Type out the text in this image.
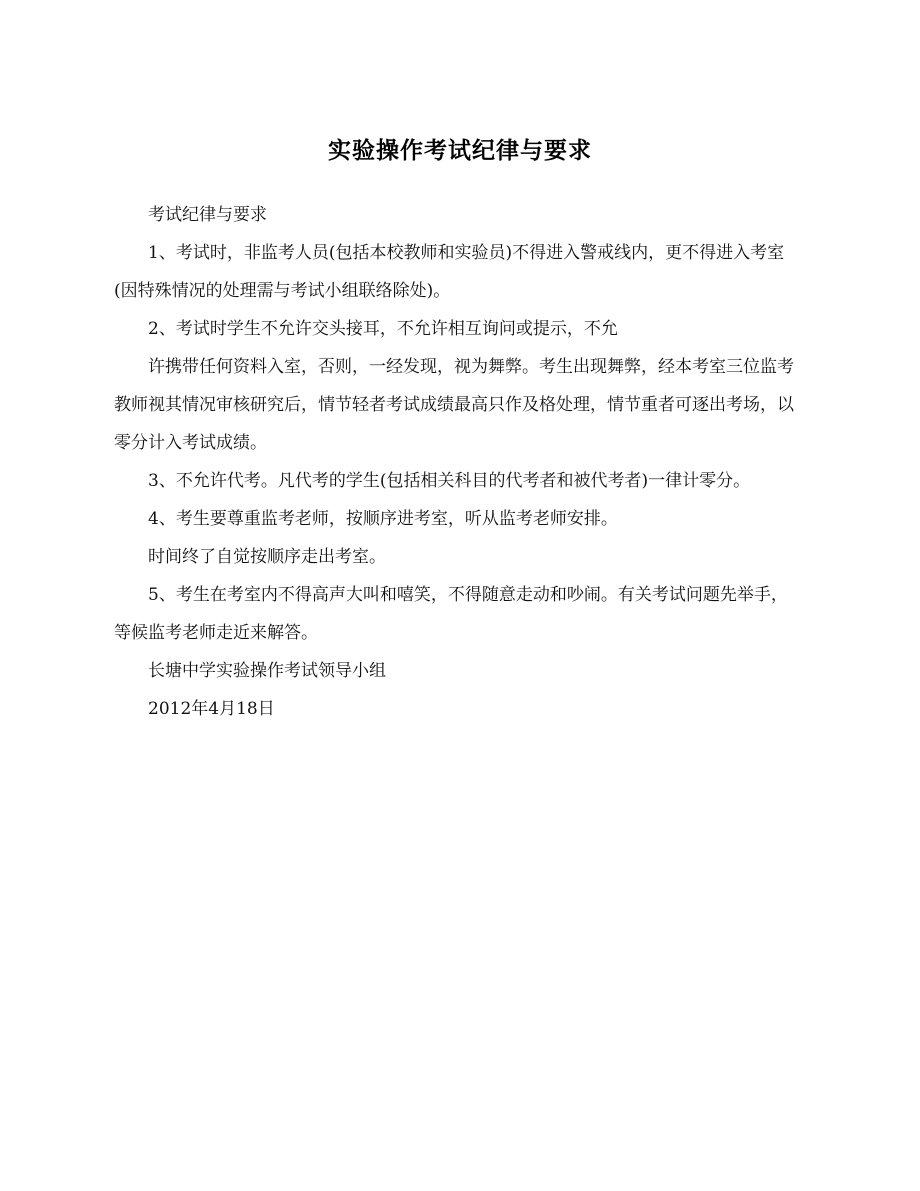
实验操作考试纪律与要求

考试纪律与要求

1、考试时，非监考人员(包括本校教师和实验员)不得进入警戒线内，更不得进入考室(因特殊情况的处理需与考试小组联络除处)。

2、考试时学生不允许交头接耳，不允许相互询问或提示，不允

许携带任何资料入室，否则，一经发现，视为舞弊。考生出现舞弊，经本考室三位监考教师视其情况审核研究后，情节轻者考试成绩最高只作及格处理，情节重者可逐出考场，以零分计入考试成绩。

3、不允许代考。凡代考的学生(包括相关科目的代考者和被代考者)一律计零分。

4、考生要尊重监考老师，按顺序进考室，听从监考老师安排。

时间终了自觉按顺序走出考室。

5、考生在考室内不得高声大叫和嘻笑，不得随意走动和吵闹。有关考试问题先举手，等候监考老师走近来解答。

长塘中学实验操作考试领导小组

2012年4月18日
